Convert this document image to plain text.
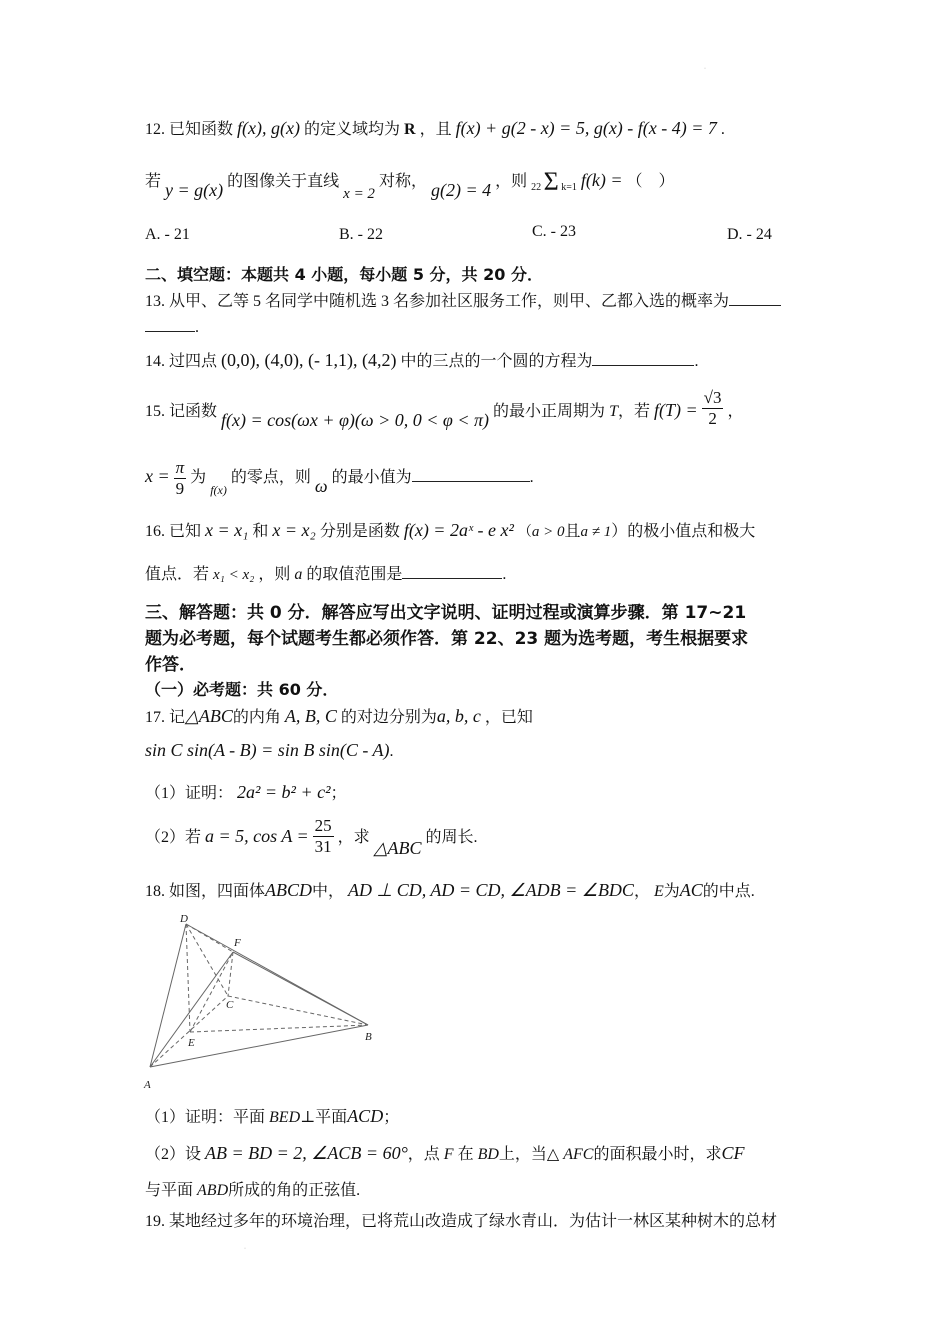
12. 已知函数 f(x), g(x) 的定义域均为 R ，且 f(x) + g(2 - x) = 5, g(x) - f(x - 4) = 7 .
若 y = g(x) 的图像关于直线 x = 2 对称， g(2) = 4 ，则 22 Σ k=1 f(k) = （　）
A. - 21	B. - 22	C. - 23	D. - 24
二、填空题：本题共 4 小题，每小题 5 分，共 20 分．
13. 从甲、乙等 5 名同学中随机选 3 名参加社区服务工作，则甲、乙都入选的概率为
.
14. 过四点 (0,0), (4,0), (- 1,1), (4,2) 中的三点的一个圆的方程为	.
15. 记函数 f(x) = cos(ωx + φ)(ω > 0, 0 < φ < π) 的最小正周期为 T，若 $f(T) = \frac{√3}{2}$ ，
$x = \frac{\pi}{9}$ 为 $_{f(x)}$ 的零点，则 ω 的最小值为	.
16. 已知 x = x₁ 和 x = x₂ 分别是函数 f(x) = 2aˣ - e x² （a > 0且a ≠ 1）的极小值点和极大
值点．若 x₁ < x₂ ，则 a 的取值范围是	.
三、解答题：共 0 分．解答应写出文字说明、证明过程或演算步骤．第 17~21
题为必考题，每个试题考生都必须作答．第 22、23 题为选考题，考生根据要求
作答．
（一）必考题：共 60 分．
17. 记△ABC的内角 A, B, C 的对边分别为a, b, c ，已知
sin C sin(A - B) = sin B sin(C - A).
（1）证明： 2a² = b² + c²；
（2）若 a = 5, $\cos A = \frac{25}{31}$ ，求 △ABC 的周长.
18. 如图，四面体ABCD中， AD ⊥ CD, AD = CD, ∠ADB = ∠BDC， E为AC的中点.
D
F
C
E	B
A
（1）证明：平面 BED⊥平面ACD；
（2）设 AB = BD = 2, ∠ACB = 60°，点 F 在 BD上，当△ AFC的面积最小时，求CF
与平面 ABD所成的角的正弦值.
19. 某地经过多年的环境治理，已将荒山改造成了绿水青山．为估计一林区某种树木的总材
·
·
